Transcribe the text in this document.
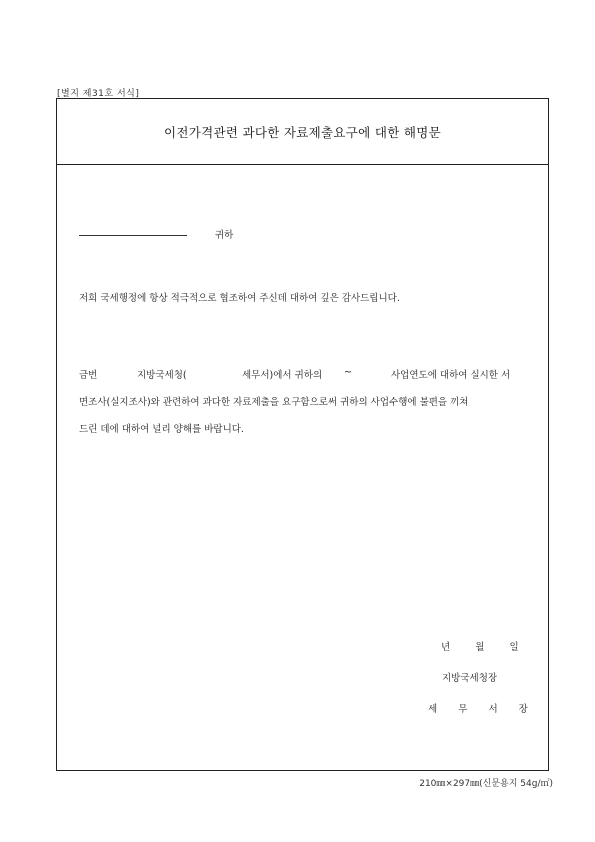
[별지 제31호 서식]
이전가격관련 과다한 자료제출요구에 대한 해명문
귀하
저희 국세행정에 항상 적극적으로 협조하여 주신데 대하여 깊은 감사드립니다.
금번	지방국세청(	세무서)에서 귀하의 ~	사업연도에 대하여 실시한 서
면조사(실지조사)와 관련하여 과다한 자료제출을 요구함으로써 귀하의 사업수행에 불편을 끼쳐
드린 데에 대하여 널리 양해를 바랍니다.
년 월 일
지방국세청장
세 무 서 장
210㎜×297㎜(신문용지 54g/㎡)
